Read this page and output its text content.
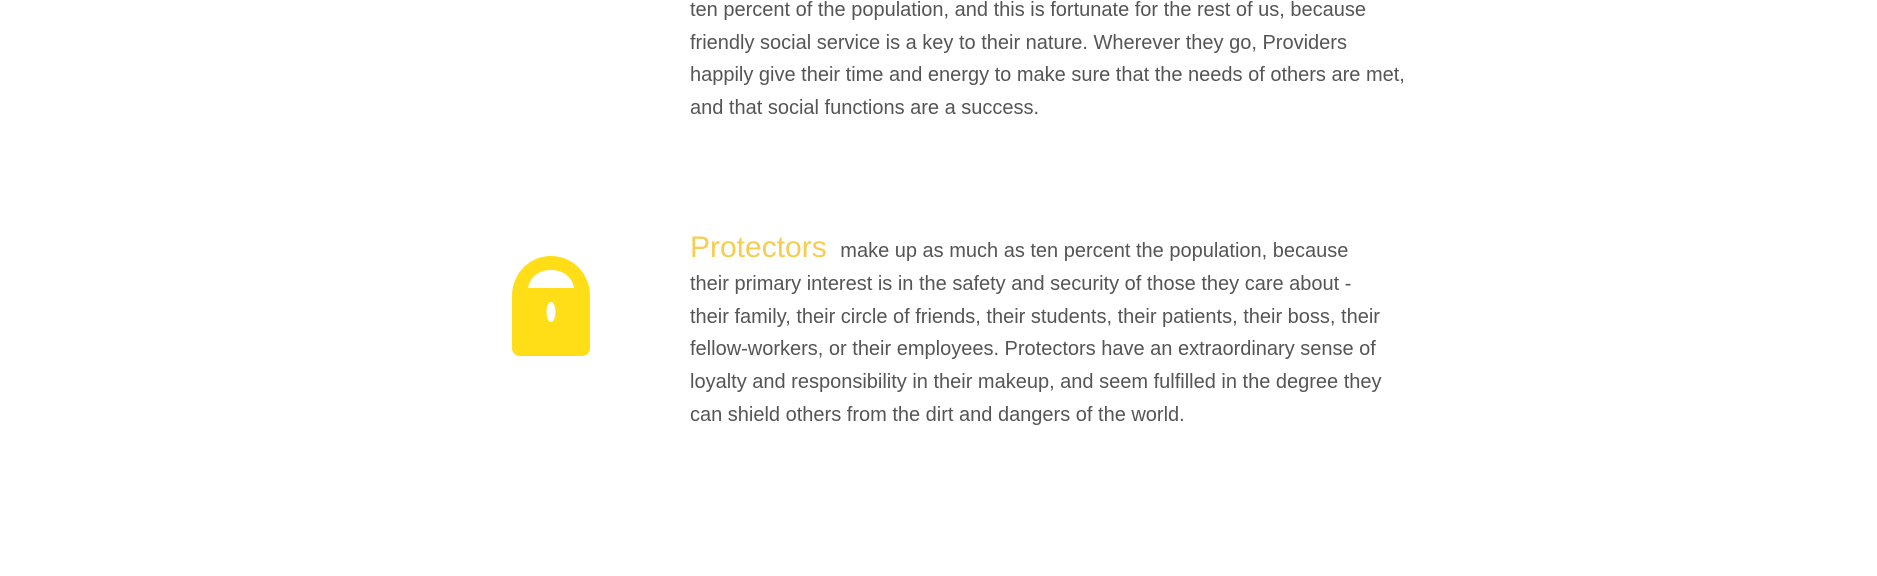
ten percent of the population, and this is fortunate for the rest of us, because friendly social service is a key to their nature. Wherever they go, Providers happily give their time and energy to make sure that the needs of others are met, and that social functions are a success.

Protectors make up as much as ten percent the population, because their primary interest is in the safety and security of those they care about - their family, their circle of friends, their students, their patients, their boss, their fellow-workers, or their employees. Protectors have an extraordinary sense of loyalty and responsibility in their makeup, and seem fulfilled in the degree they can shield others from the dirt and dangers of the world.
